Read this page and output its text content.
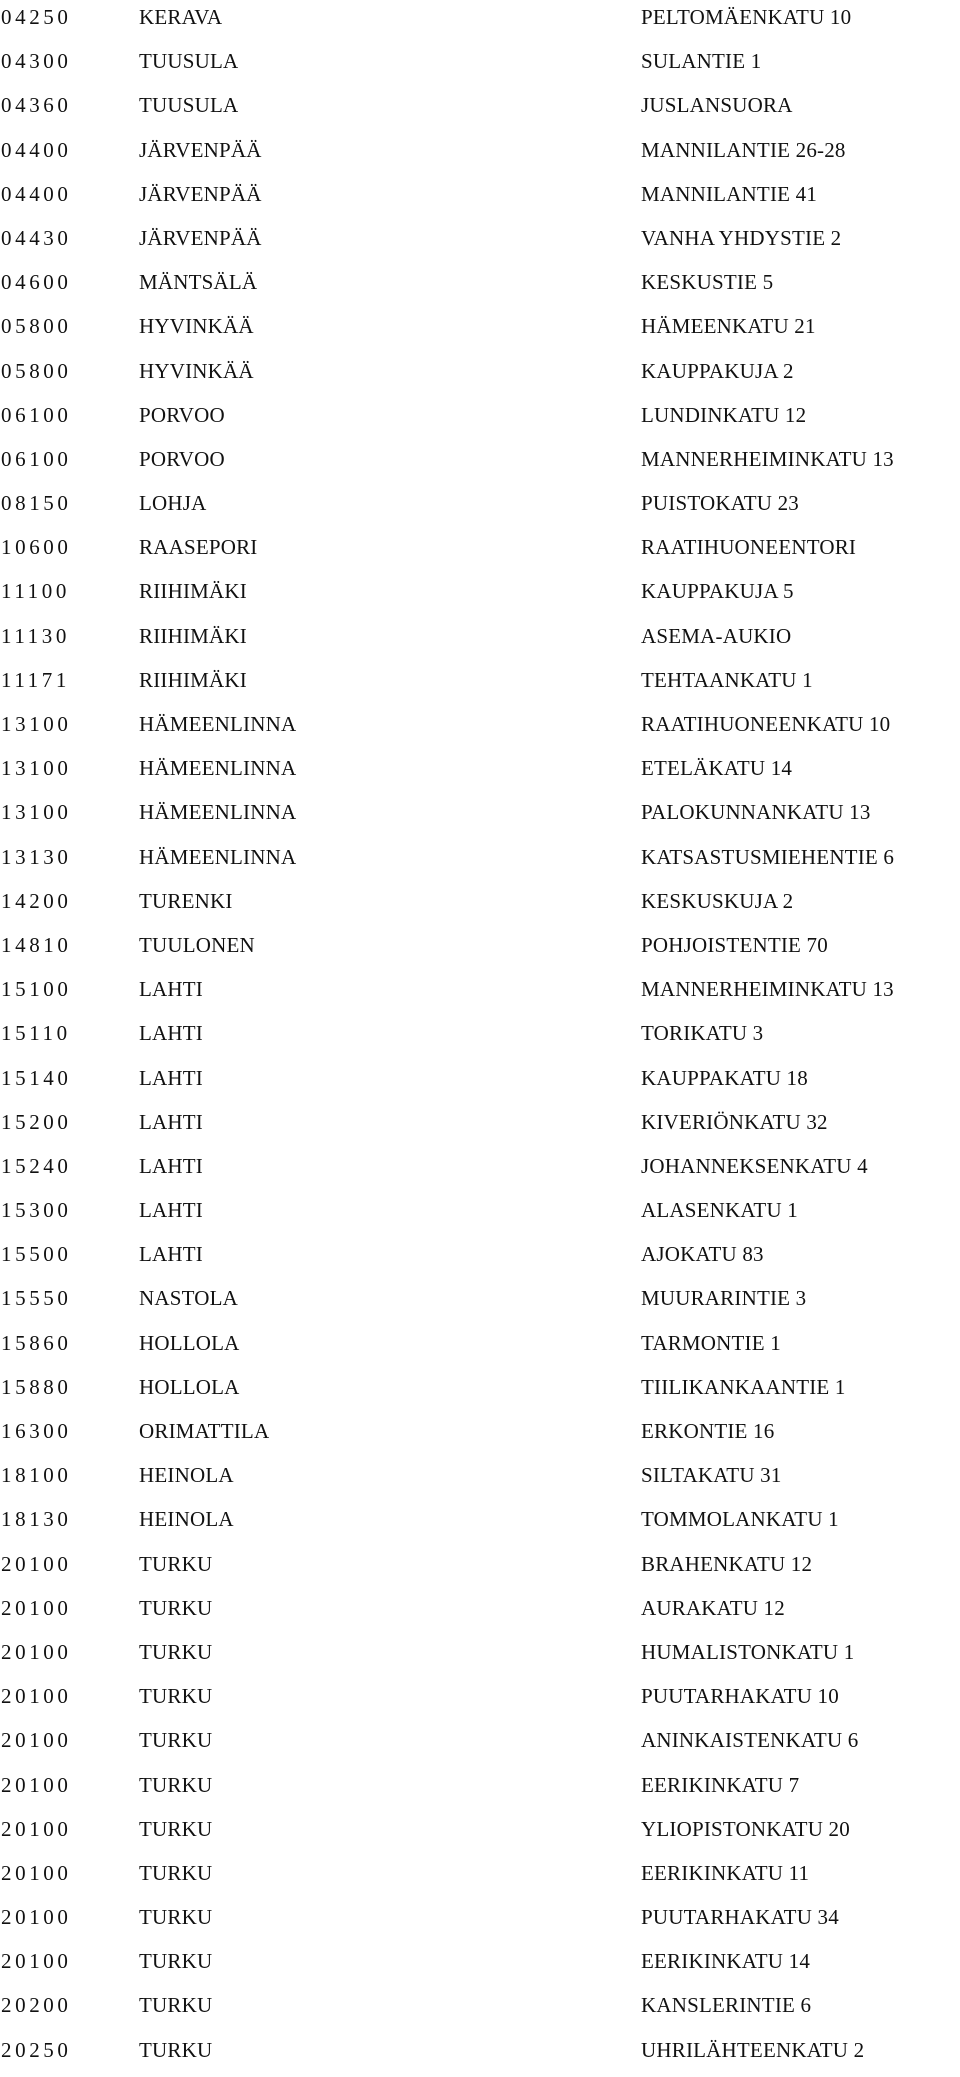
04250	KERAVA	PELTOMÄENKATU 10
04300	TUUSULA	SULANTIE 1
04360	TUUSULA	JUSLANSUORA
04400	JÄRVENPÄÄ	MANNILANTIE 26-28
04400	JÄRVENPÄÄ	MANNILANTIE 41
04430	JÄRVENPÄÄ	VANHA YHDYSTIE 2
04600	MÄNTSÄLÄ	KESKUSTIE 5
05800	HYVINKÄÄ	HÄMEENKATU 21
05800	HYVINKÄÄ	KAUPPAKUJA 2
06100	PORVOO	LUNDINKATU 12
06100	PORVOO	MANNERHEIMINKATU 13
08150	LOHJA	PUISTOKATU 23
10600	RAASEPORI	RAATIHUONEENTORI
11100	RIIHIMÄKI	KAUPPAKUJA 5
11130	RIIHIMÄKI	ASEMA-AUKIO
11171	RIIHIMÄKI	TEHTAANKATU 1
13100	HÄMEENLINNA	RAATIHUONEENKATU 10
13100	HÄMEENLINNA	ETELÄKATU 14
13100	HÄMEENLINNA	PALOKUNNANKATU 13
13130	HÄMEENLINNA	KATSASTUSMIEHENTIE 6
14200	TURENKI	KESKUSKUJA 2
14810	TUULONEN	POHJOISTENTIE 70
15100	LAHTI	MANNERHEIMINKATU 13
15110	LAHTI	TORIKATU 3
15140	LAHTI	KAUPPAKATU 18
15200	LAHTI	KIVERIÖNKATU 32
15240	LAHTI	JOHANNEKSENKATU 4
15300	LAHTI	ALASENKATU 1
15500	LAHTI	AJOKATU 83
15550	NASTOLA	MUURARINTIE 3
15860	HOLLOLA	TARMONTIE 1
15880	HOLLOLA	TIILIKANKAANTIE 1
16300	ORIMATTILA	ERKONTIE 16
18100	HEINOLA	SILTAKATU 31
18130	HEINOLA	TOMMOLANKATU 1
20100	TURKU	BRAHENKATU 12
20100	TURKU	AURAKATU 12
20100	TURKU	HUMALISTONKATU 1
20100	TURKU	PUUTARHAKATU 10
20100	TURKU	ANINKAISTENKATU 6
20100	TURKU	EERIKINKATU 7
20100	TURKU	YLIOPISTONKATU 20
20100	TURKU	EERIKINKATU 11
20100	TURKU	PUUTARHAKATU 34
20100	TURKU	EERIKINKATU 14
20200	TURKU	KANSLERINTIE 6
20250	TURKU	UHRILÄHTEENKATU 2
